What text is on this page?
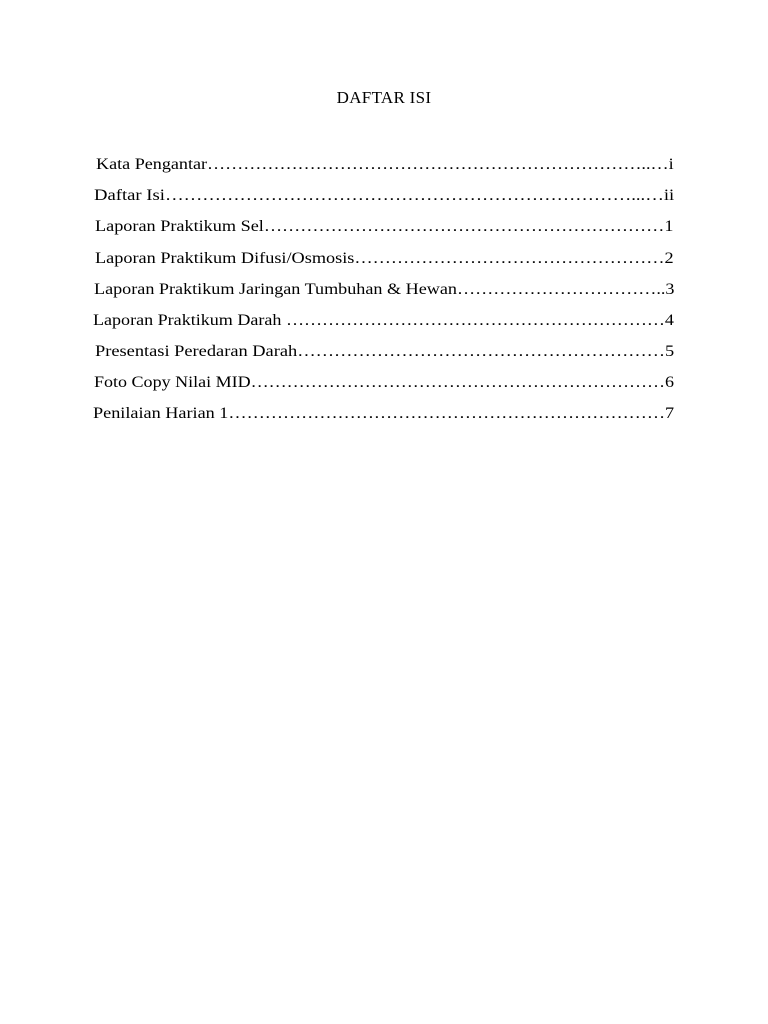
DAFTAR ISI
Kata Pengantar………………………………………………………………..…i
Daftar Isi…………………………………………………………………...…ii
Laporan Praktikum Sel…………………………………………………………1
Laporan Praktikum Difusi/Osmosis……………………………………………2
Laporan Praktikum Jaringan Tumbuhan & Hewan……………………………..3
Laporan Praktikum Darah ………………………………………………………4
Presentasi Peredaran Darah……………………………………………………5
Foto Copy Nilai MID……………………………………………………………6
Penilaian Harian 1………………………………………………………………7
